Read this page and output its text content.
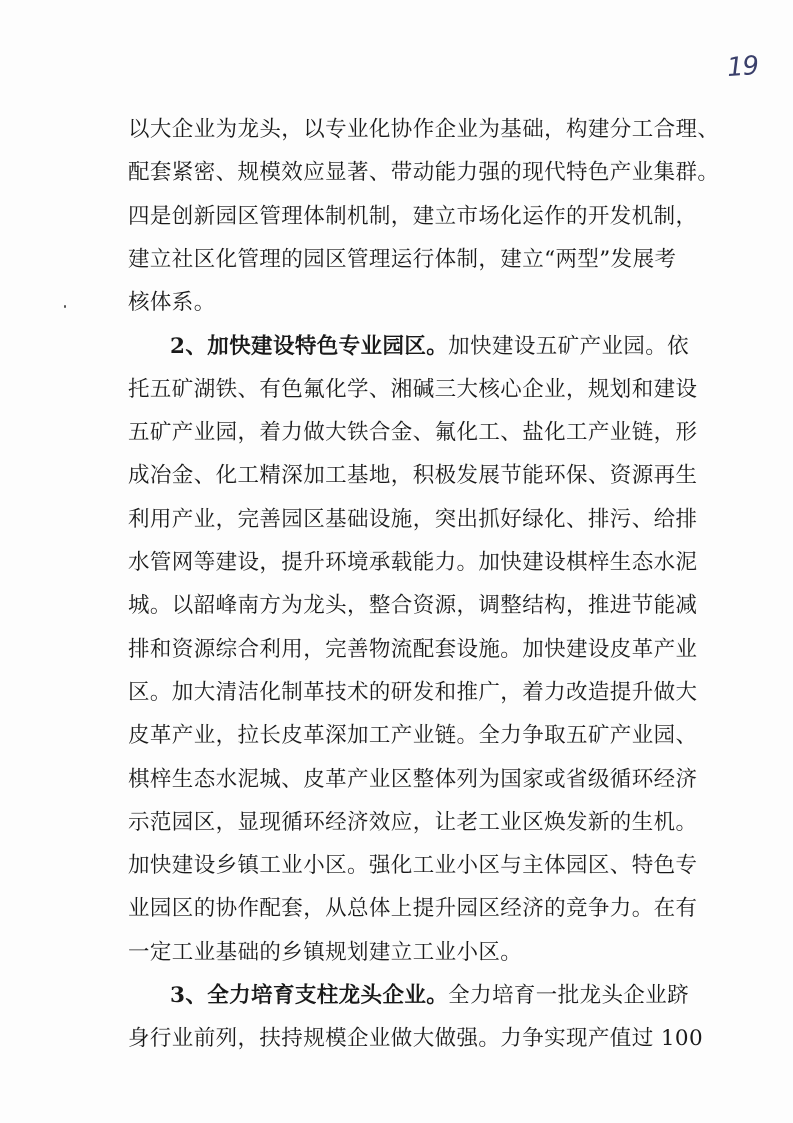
19
以大企业为龙头，以专业化协作企业为基础，构建分工合理、
配套紧密、规模效应显著、带动能力强的现代特色产业集群。
四是创新园区管理体制机制，建立市场化运作的开发机制，
建立社区化管理的园区管理运行体制，建立“两型”发展考
核体系。
2、加快建设特色专业园区。加快建设五矿产业园。依
托五矿湖铁、有色氟化学、湘碱三大核心企业，规划和建设
五矿产业园，着力做大铁合金、氟化工、盐化工产业链，形
成冶金、化工精深加工基地，积极发展节能环保、资源再生
利用产业，完善园区基础设施，突出抓好绿化、排污、给排
水管网等建设，提升环境承载能力。加快建设棋梓生态水泥
城。以韶峰南方为龙头，整合资源，调整结构，推进节能减
排和资源综合利用，完善物流配套设施。加快建设皮革产业
区。加大清洁化制革技术的研发和推广，着力改造提升做大
皮革产业，拉长皮革深加工产业链。全力争取五矿产业园、
棋梓生态水泥城、皮革产业区整体列为国家或省级循环经济
示范园区，显现循环经济效应，让老工业区焕发新的生机。
加快建设乡镇工业小区。强化工业小区与主体园区、特色专
业园区的协作配套，从总体上提升园区经济的竞争力。在有
一定工业基础的乡镇规划建立工业小区。
3、全力培育支柱龙头企业。全力培育一批龙头企业跻
身行业前列，扶持规模企业做大做强。力争实现产值过 100
